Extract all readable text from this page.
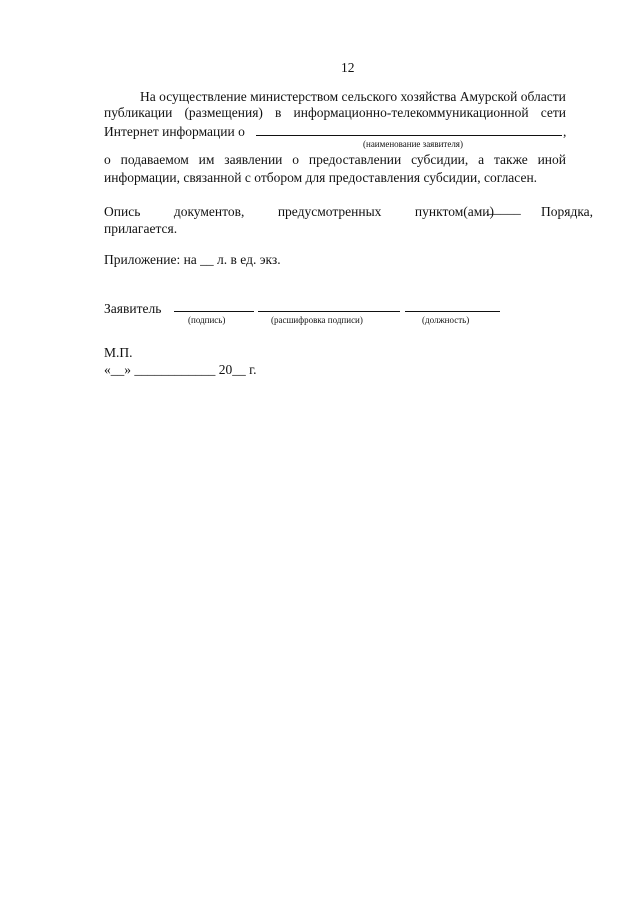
12
На осуществление министерством сельского хозяйства Амурской области
публикации (размещения) в информационно-телекоммуникационной сети
Интернет информации о	,
(наименование заявителя)
о подаваемом им заявлении о предоставлении субсидии, а также иной
информации, связанной с отбором для предоставления субсидии, согласен.
Опись документов, предусмотренных пунктом(ами)
_____ Порядка,
прилагается.
Приложение: на __ л. в ед. экз.
Заявитель
(подпись)	(расшифровка подписи)	(должность)
М.П.
«__» ____________ 20__ г.
